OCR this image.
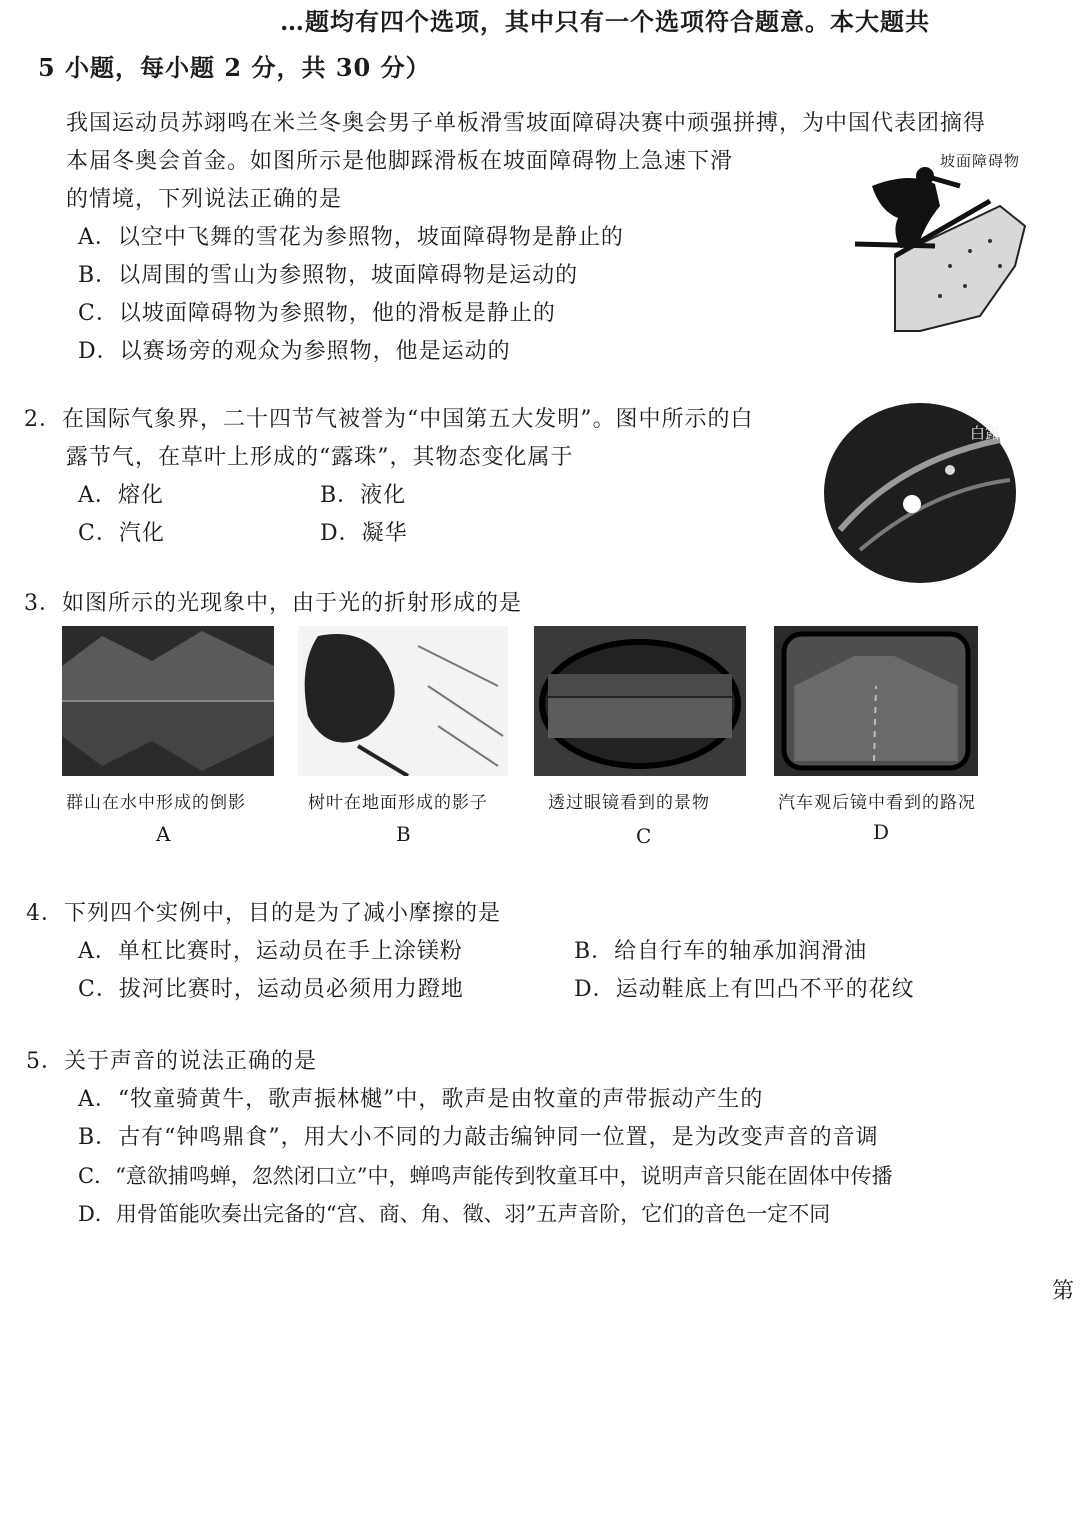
…题均有四个选项，其中只有一个选项符合题意。本大题共
5 小题，每小题 2 分，共 30 分）
我国运动员苏翊鸣在米兰冬奥会男子单板滑雪坡面障碍决赛中顽强拼搏，为中国代表团摘得
本届冬奥会首金。如图所示是他脚踩滑板在坡面障碍物上急速下滑
的情境，下列说法正确的是
A．以空中飞舞的雪花为参照物，坡面障碍物是静止的
B．以周围的雪山为参照物，坡面障碍物是运动的
C．以坡面障碍物为参照物，他的滑板是静止的
D．以赛场旁的观众为参照物，他是运动的
坡面障碍物
2．在国际气象界，二十四节气被誉为“中国第五大发明”。图中所示的白
露节气，在草叶上形成的“露珠”，其物态变化属于
A．熔化	B．液化
C．汽化	D．凝华
白露
3．如图所示的光现象中，由于光的折射形成的是
群山在水中形成的倒影	树叶在地面形成的影子	透过眼镜看到的景物	汽车观后镜中看到的路况
A	B	C	D
4．下列四个实例中，目的是为了减小摩擦的是
A．单杠比赛时，运动员在手上涂镁粉	B．给自行车的轴承加润滑油
C．拔河比赛时，运动员必须用力蹬地	D．运动鞋底上有凹凸不平的花纹
5．关于声音的说法正确的是
A．“牧童骑黄牛，歌声振林樾”中，歌声是由牧童的声带振动产生的
B．古有“钟鸣鼎食”，用大小不同的力敲击编钟同一位置，是为改变声音的音调
C．“意欲捕鸣蝉，忽然闭口立”中，蝉鸣声能传到牧童耳中，说明声音只能在固体中传播
D．用骨笛能吹奏出完备的“宫、商、角、徵、羽”五声音阶，它们的音色一定不同
第
